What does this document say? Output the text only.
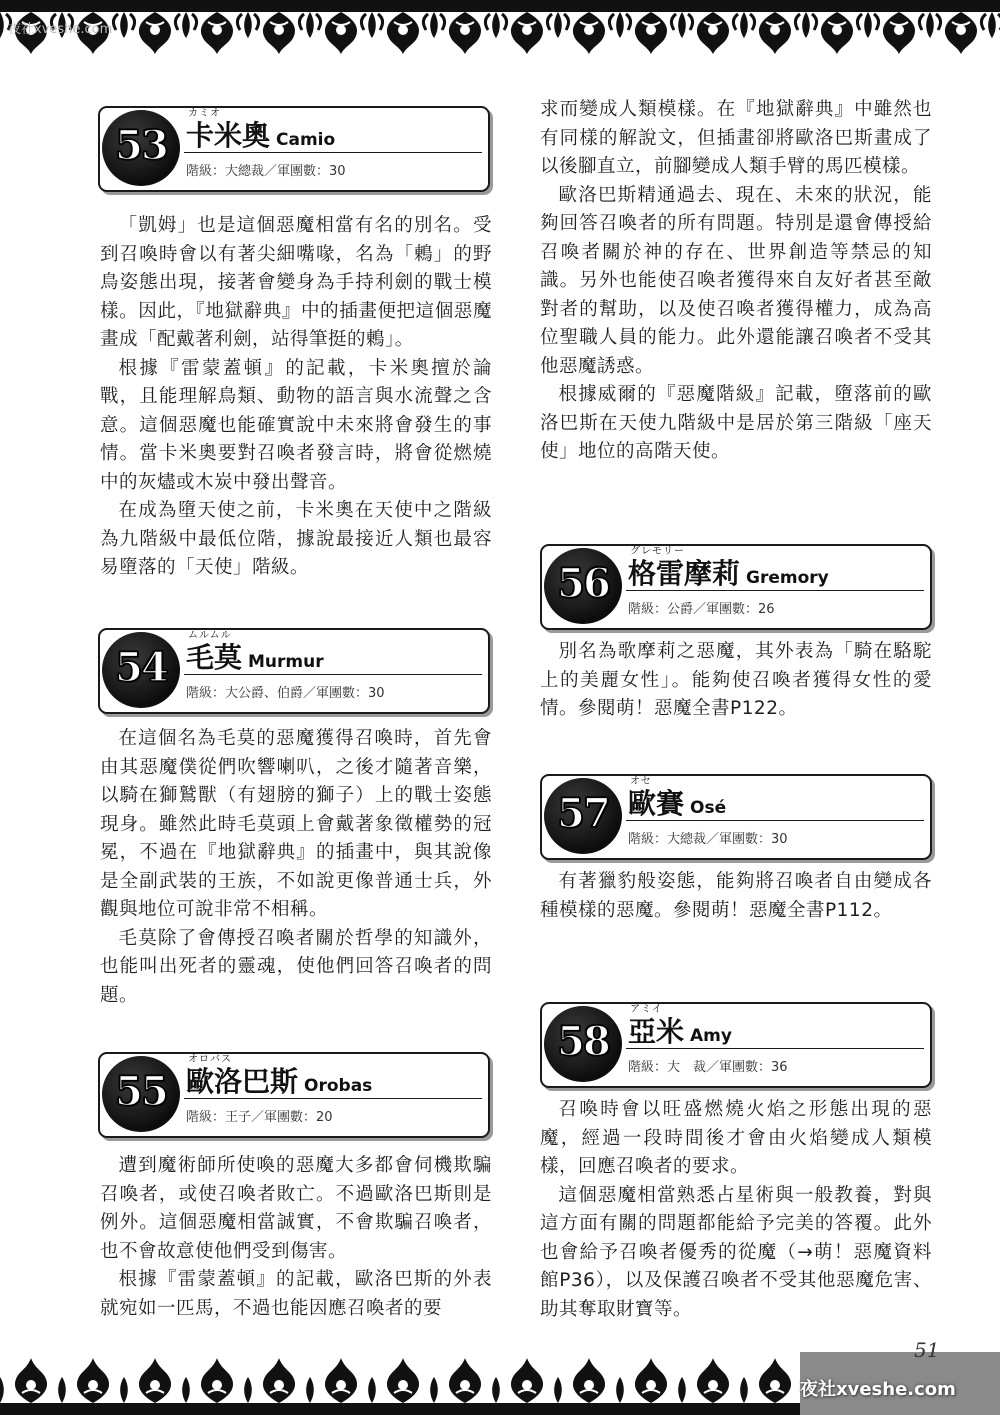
夜社xveshe.com
53
カミオ
卡米奧 Camio
階級：大總裁／軍團數：30

「凱姆」也是這個惡魔相當有名的別名。受到召喚時會以有著尖細嘴喙，名為「鶇」的野鳥姿態出現，接著會變身為手持利劍的戰士模樣。因此，『地獄辭典』中的插畫便把這個惡魔畫成「配戴著利劍，站得筆挺的鶇」。

根據『雷蒙蓋頓』的記載，卡米奧擅於論戰，且能理解鳥類、動物的語言與水流聲之含意。這個惡魔也能確實說中未來將會發生的事情。當卡米奧要對召喚者發言時，將會從燃燒中的灰燼或木炭中發出聲音。

在成為墮天使之前，卡米奧在天使中之階級為九階級中最低位階，據說最接近人類也最容易墮落的「天使」階級。

54
ムルムル
毛莫 Murmur
階級：大公爵、伯爵／軍團數：30

在這個名為毛莫的惡魔獲得召喚時，首先會由其惡魔僕從們吹響喇叭，之後才隨著音樂，以騎在獅鷲獸（有翅膀的獅子）上的戰士姿態現身。雖然此時毛莫頭上會戴著象徵權勢的冠冕，不過在『地獄辭典』的插畫中，與其說像是全副武裝的王族，不如說更像普通士兵，外觀與地位可說非常不相稱。

毛莫除了會傳授召喚者關於哲學的知識外，也能叫出死者的靈魂，使他們回答召喚者的問題。

55
オロバス
歐洛巴斯 Orobas
階級：王子／軍團數：20

遭到魔術師所使喚的惡魔大多都會伺機欺騙召喚者，或使召喚者敗亡。不過歐洛巴斯則是例外。這個惡魔相當誠實，不會欺騙召喚者，也不會故意使他們受到傷害。

根據『雷蒙蓋頓』的記載，歐洛巴斯的外表就宛如一匹馬，不過也能因應召喚者的要

求而變成人類模樣。在『地獄辭典』中雖然也有同樣的解說文，但插畫卻將歐洛巴斯畫成了以後腳直立，前腳變成人類手臂的馬匹模樣。

歐洛巴斯精通過去、現在、未來的狀況，能夠回答召喚者的所有問題。特別是還會傳授給召喚者關於神的存在、世界創造等禁忌的知識。另外也能使召喚者獲得來自友好者甚至敵對者的幫助，以及使召喚者獲得權力，成為高位聖職人員的能力。此外還能讓召喚者不受其他惡魔誘惑。

根據威爾的『惡魔階級』記載，墮落前的歐洛巴斯在天使九階級中是居於第三階級「座天使」地位的高階天使。

56
グレモリー
格雷摩莉 Gremory
階級：公爵／軍團數：26

別名為歌摩莉之惡魔，其外表為「騎在駱駝上的美麗女性」。能夠使召喚者獲得女性的愛情。參閱萌！惡魔全書P122。

57
オセ
歐賽 Osé
階級：大總裁／軍團數：30

有著獵豹般姿態，能夠將召喚者自由變成各種模樣的惡魔。參閱萌！惡魔全書P112。

58
アミイ
亞米 Amy
階級：大　裁／軍團數：36

召喚時會以旺盛燃燒火焰之形態出現的惡魔，經過一段時間後才會由火焰變成人類模樣，回應召喚者的要求。

這個惡魔相當熟悉占星術與一般教養，對與這方面有關的問題都能給予完美的答覆。此外也會給予召喚者優秀的從魔（→萌！惡魔資料館P36），以及保護召喚者不受其他惡魔危害、助其奪取財寶等。

51
夜社xveshe.com
